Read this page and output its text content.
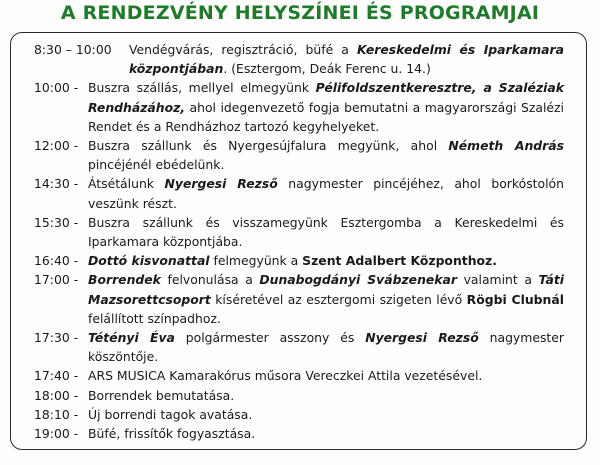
A RENDEZVÉNY HELYSZÍNEI ÉS PROGRAMJAI
8:30 – 10:00	Vendégvárás, regisztráció, büfé a Kereskedelmi és Iparkamara központjában. (Esztergom, Deák Ferenc u. 14.)
10:00 - Buszra szállás, mellyel elmegyünk Pélifoldszentkeresztre, a Szaléziak Rendházához, ahol idegenvezető fogja bemutatni a magyarországi Szalézi Rendet és a Rendházhoz tartozó kegyhelyeket.
12:00 - Buszra szállunk és Nyergesújfalura megyünk, ahol Németh András pincéjénél ebédelünk.
14:30 - Átsétálunk Nyergesi Rezső nagymester pincéjéhez, ahol borkóstolón veszünk részt.
15:30 - Buszra szállunk és visszamegyünk Esztergomba a Kereskedelmi és Iparkamara központjába.
16:40 - Dottó kisvonattal felmegyünk a Szent Adalbert Központhoz.
17:00 - Borrendek felvonulása a Dunabogdányi Svábzenekar valamint a Táti Mazsorettcsoport kíséretével az esztergomi szigeten lévő Rögbi Clubnál felállított színpadhoz.
17:30 - Tétényi Éva polgármester asszony és Nyergesi Rezső nagymester köszöntője.
17:40 - ARS MUSICA Kamarakórus műsora Vereczkei Attila vezetésével.
18:00 - Borrendek bemutatása.
18:10 - Új borrendi tagok avatása.
19:00 - Büfé, frissítők fogyasztása.
